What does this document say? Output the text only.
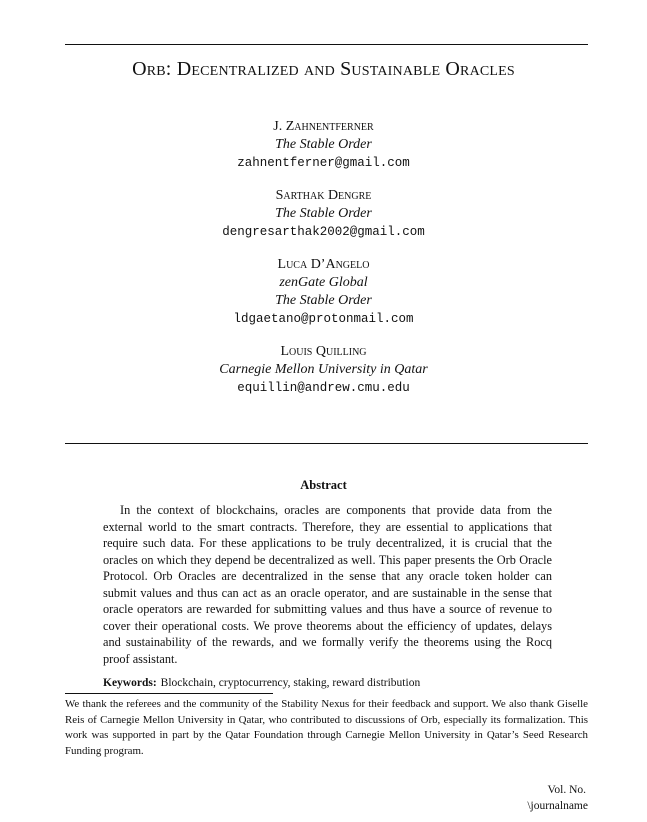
Orb: Decentralized and Sustainable Oracles
J. Zahnentferner
The Stable Order
zahnentferner@gmail.com
Sarthak Dengre
The Stable Order
dengresarthak2002@gmail.com
Luca D’Angelo
zenGate Global
The Stable Order
ldgaetano@protonmail.com
Louis Quilling
Carnegie Mellon University in Qatar
equillin@andrew.cmu.edu
Abstract

In the context of blockchains, oracles are components that provide data from the external world to the smart contracts. Therefore, they are essential to applications that require such data. For these applications to be truly decentralized, it is crucial that the oracles on which they depend be decentralized as well. This paper presents the Orb Oracle Protocol. Orb Oracles are decentralized in the sense that any oracle token holder can submit values and thus can act as an oracle operator, and are sustainable in the sense that oracle operators are rewarded for submitting values and thus have a source of revenue to cover their operational costs. We prove theorems about the efficiency of updates, delays and sustainability of the rewards, and we formally verify the theorems using the Rocq proof assistant.

Keywords: Blockchain, cryptocurrency, staking, reward distribution

We thank the referees and the community of the Stability Nexus for their feedback and support. We also thank Giselle Reis of Carnegie Mellon University in Qatar, who contributed to discussions of Orb, especially its formalization. This work was supported in part by the Qatar Foundation through Carnegie Mellon University in Qatar’s Seed Research Funding program.

Vol. No.
\journalname
